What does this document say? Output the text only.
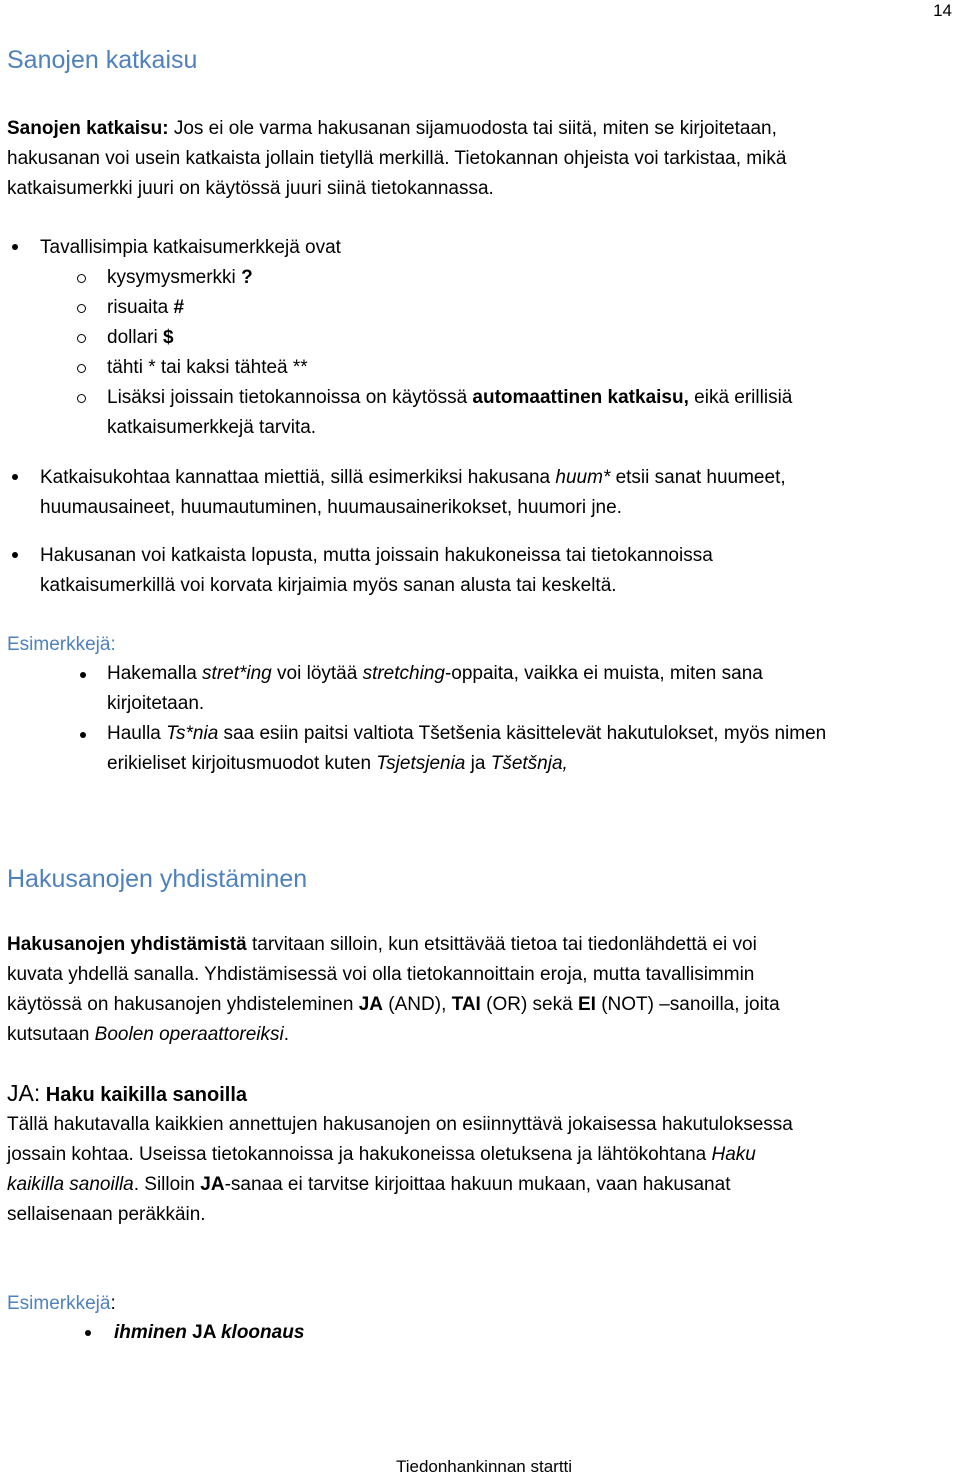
14
Sanojen katkaisu
Sanojen katkaisu: Jos ei ole varma hakusanan sijamuodosta tai siitä, miten se kirjoitetaan,
hakusanan voi usein katkaista jollain tietyllä merkillä. Tietokannan ohjeista voi tarkistaa, mikä
katkaisumerkki juuri on käytössä juuri siinä tietokannassa.
Tavallisimpia katkaisumerkkejä ovat
kysymysmerkki ?
risuaita #
dollari $
tähti * tai kaksi tähteä **
Lisäksi joissain tietokannoissa on käytössä automaattinen katkaisu, eikä erillisiä
katkaisumerkkejä tarvita.
Katkaisukohtaa kannattaa miettiä, sillä esimerkiksi hakusana huum* etsii sanat huumeet,
huumausaineet, huumautuminen, huumausainerikokset, huumori jne.
Hakusanan voi katkaista lopusta, mutta joissain hakukoneissa tai tietokannoissa
katkaisumerkillä voi korvata kirjaimia myös sanan alusta tai keskeltä.
Esimerkkejä:
Hakemalla stret*ing voi löytää stretching-oppaita, vaikka ei muista, miten sana
kirjoitetaan.
Haulla Ts*nia saa esiin paitsi valtiota Tšetšenia käsittelevät hakutulokset, myös nimen
erikieliset kirjoitusmuodot kuten Tsjetsjenia ja Tšetšnja,
Hakusanojen yhdistäminen
Hakusanojen yhdistämistä tarvitaan silloin, kun etsittävää tietoa tai tiedonlähdettä ei voi
kuvata yhdellä sanalla. Yhdistämisessä voi olla tietokannoittain eroja, mutta tavallisimmin
käytössä on hakusanojen yhdisteleminen JA (AND), TAI (OR) sekä EI (NOT) –sanoilla, joita
kutsutaan Boolen operaattoreiksi.
JA: Haku kaikilla sanoilla
Tällä hakutavalla kaikkien annettujen hakusanojen on esiinnyttävä jokaisessa hakutuloksessa
jossain kohtaa. Useissa tietokannoissa ja hakukoneissa oletuksena ja lähtökohtana Haku
kaikilla sanoilla. Silloin JA-sanaa ei tarvitse kirjoittaa hakuun mukaan, vaan hakusanat
sellaisenaan peräkkäin.
Esimerkkejä:
ihminen JA kloonaus
Tiedonhankinnan startti
